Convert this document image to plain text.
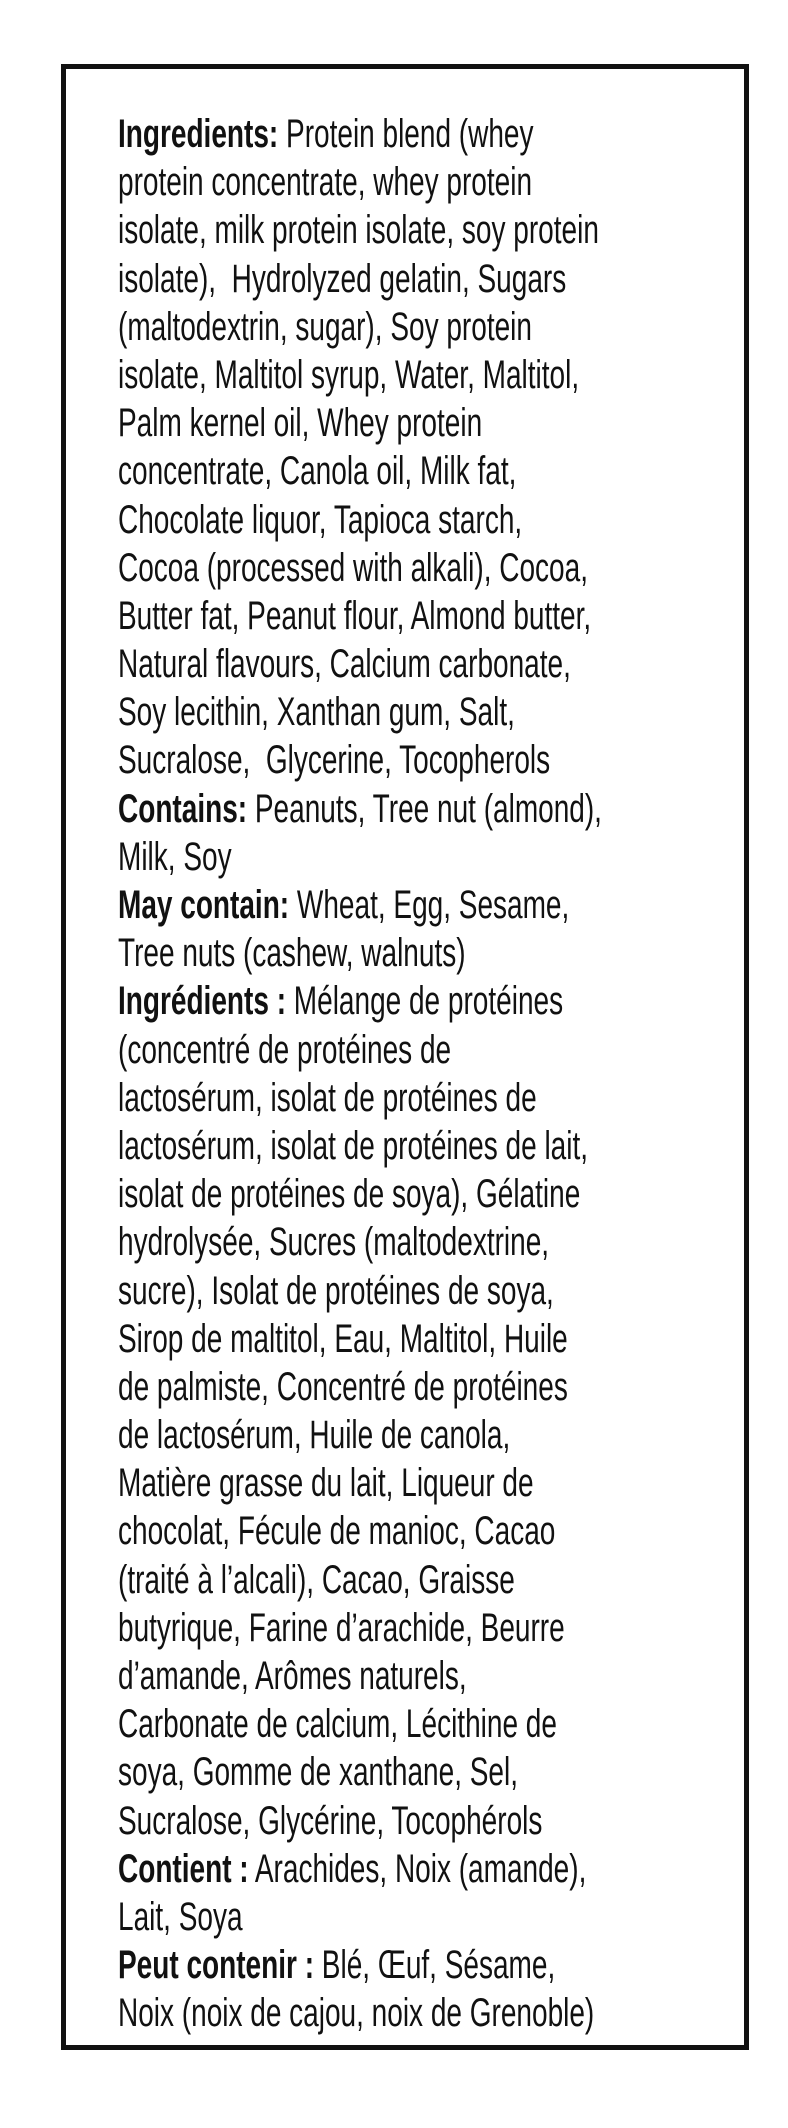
Ingredients: Protein blend (whey
protein concentrate, whey protein
isolate, milk protein isolate, soy protein
isolate),  Hydrolyzed gelatin, Sugars
(maltodextrin, sugar), Soy protein
isolate, Maltitol syrup, Water, Maltitol,
Palm kernel oil, Whey protein
concentrate, Canola oil, Milk fat,
Chocolate liquor, Tapioca starch,
Cocoa (processed with alkali), Cocoa,
Butter fat, Peanut flour, Almond butter,
Natural flavours, Calcium carbonate,
Soy lecithin, Xanthan gum, Salt,
Sucralose,  Glycerine, Tocopherols
Contains: Peanuts, Tree nut (almond),
Milk, Soy
May contain: Wheat, Egg, Sesame,
Tree nuts (cashew, walnuts)
Ingrédients : Mélange de protéines
(concentré de protéines de
lactosérum, isolat de protéines de
lactosérum, isolat de protéines de lait,
isolat de protéines de soya), Gélatine
hydrolysée, Sucres (maltodextrine,
sucre), Isolat de protéines de soya,
Sirop de maltitol, Eau, Maltitol, Huile
de palmiste, Concentré de protéines
de lactosérum, Huile de canola,
Matière grasse du lait, Liqueur de
chocolat, Fécule de manioc, Cacao
(traité à l’alcali), Cacao, Graisse
butyrique, Farine d’arachide, Beurre
d’amande, Arômes naturels,
Carbonate de calcium, Lécithine de
soya, Gomme de xanthane, Sel,
Sucralose, Glycérine, Tocophérols
Contient : Arachides, Noix (amande),
Lait, Soya
Peut contenir : Blé, Œuf, Sésame,
Noix (noix de cajou, noix de Grenoble)
